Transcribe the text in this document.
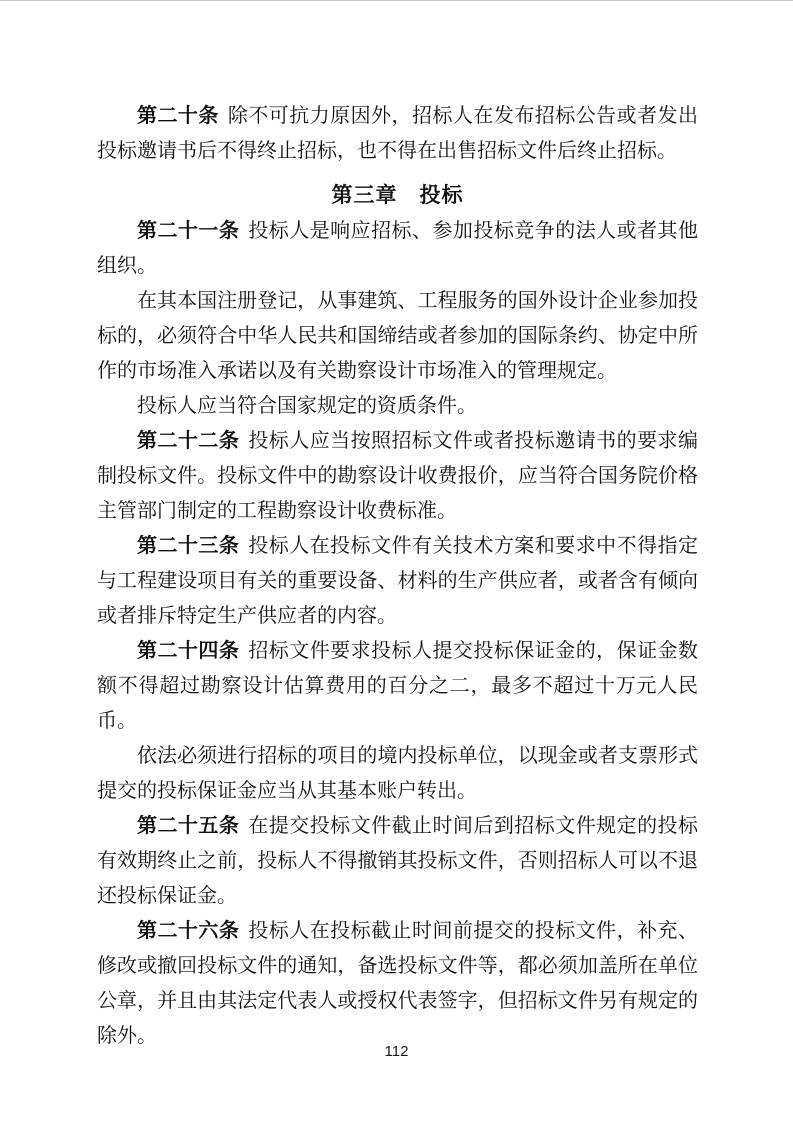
第二十条 除不可抗力原因外，招标人在发布招标公告或者发出投标邀请书后不得终止招标，也不得在出售招标文件后终止招标。

第三章　投标

第二十一条 投标人是响应招标、参加投标竞争的法人或者其他组织。

在其本国注册登记，从事建筑、工程服务的国外设计企业参加投标的，必须符合中华人民共和国缔结或者参加的国际条约、协定中所作的市场准入承诺以及有关勘察设计市场准入的管理规定。

投标人应当符合国家规定的资质条件。

第二十二条 投标人应当按照招标文件或者投标邀请书的要求编制投标文件。投标文件中的勘察设计收费报价，应当符合国务院价格主管部门制定的工程勘察设计收费标准。

第二十三条 投标人在投标文件有关技术方案和要求中不得指定与工程建设项目有关的重要设备、材料的生产供应者，或者含有倾向或者排斥特定生产供应者的内容。

第二十四条 招标文件要求投标人提交投标保证金的，保证金数额不得超过勘察设计估算费用的百分之二，最多不超过十万元人民币。

依法必须进行招标的项目的境内投标单位，以现金或者支票形式提交的投标保证金应当从其基本账户转出。

第二十五条 在提交投标文件截止时间后到招标文件规定的投标有效期终止之前，投标人不得撤销其投标文件，否则招标人可以不退还投标保证金。

第二十六条 投标人在投标截止时间前提交的投标文件，补充、修改或撤回投标文件的通知，备选投标文件等，都必须加盖所在单位公章，并且由其法定代表人或授权代表签字，但招标文件另有规定的除外。

112
